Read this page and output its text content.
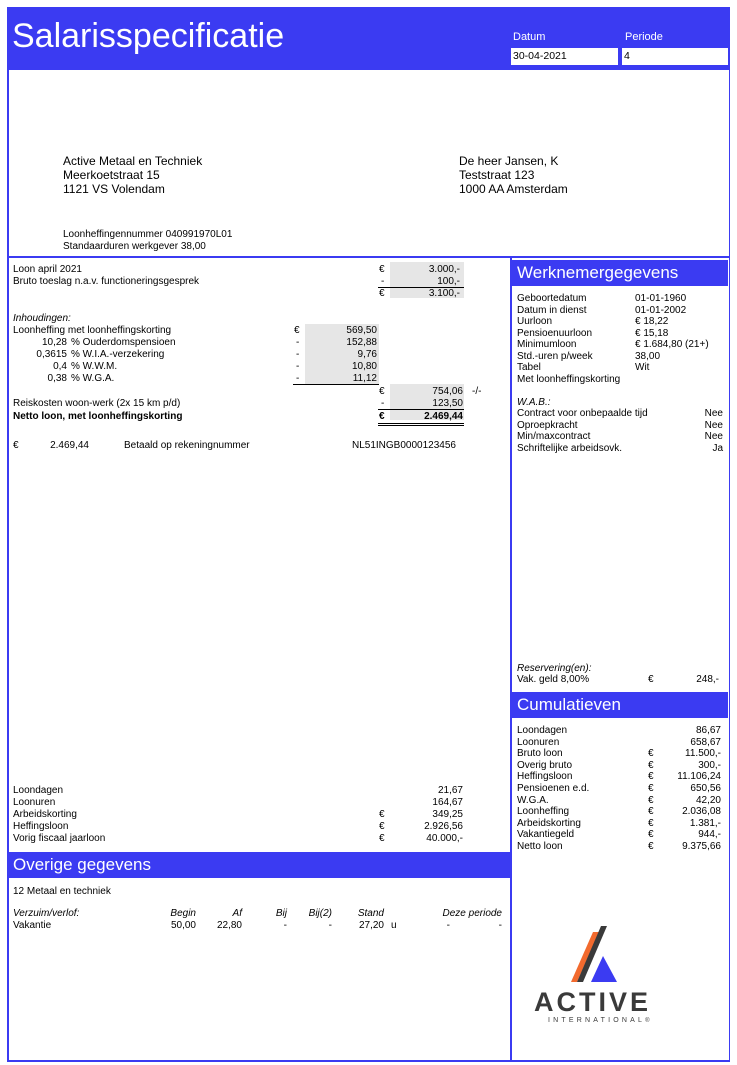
Salarisspecificatie	Datum	Periode
30-04-2021	4
Active Metaal en Techniek
Meerkoetstraat 15
1121 VS Volendam
De heer Jansen, K
Teststraat 123
1000 AA Amsterdam
Loonheffingennummer 040991970L01
Standaarduren werkgever 38,00
Loon april 2021	€	3.000,-
Bruto toeslag n.a.v. functioneringsgesprek	-	100,-
€	3.100,-
Inhoudingen:
Loonheffing met loonheffingskorting	€	569,50
10,28 % Ouderdomspensioen	-	152,88
0,3615 % W.I.A.-verzekering	-	9,76
0,4 % W.W.M.	-	10,80
0,38 % W.G.A.	-	11,12
€	754,06 -/-
Reiskosten woon-werk (2x 15 km p/d)	-	123,50
Netto loon, met loonheffingskorting	€	2.469,44
€	2.469,44	Betaald op rekeningnummer	NL51INGB0000123456
Loondagen	21,67
Loonuren	164,67
Arbeidskorting	€	349,25
Heffingsloon	€	2.926,56
Vorig fiscaal jaarloon	€	40.000,-
Overige gegevens
12 Metaal en techniek
Verzuim/verlof:	Begin	Af	Bij	Bij(2)	Stand	Deze periode
Vakantie	50,00	22,80	-	-	27,20 u	-	-
Werknemergegevens
Geboortedatum	01-01-1960
Datum in dienst	01-01-2002
Uurloon	€ 18,22
Pensioenuurloon	€ 15,18
Minimumloon	€ 1.684,80 (21+)
Std.-uren p/week	38,00
Tabel	Wit
Met loonheffingskorting
W.A.B.:
Contract voor onbepaalde tijd	Nee
Oproepkracht	Nee
Min/maxcontract	Nee
Schriftelijke arbeidsovk.	Ja
Reservering(en):
Vak. geld 8,00%	€	248,-
Cumulatieven
Loondagen	86,67
Loonuren	658,67
Bruto loon	€	11.500,-
Overig bruto	€	300,-
Heffingsloon	€	11.106,24
Pensioenen e.d.	€	650,56
W.G.A.	€	42,20
Loonheffing	€	2.036,08
Arbeidskorting	€	1.381,-
Vakantiegeld	€	944,-
Netto loon	€	9.375,66
ACTIVE
INTERNATIONAL®
